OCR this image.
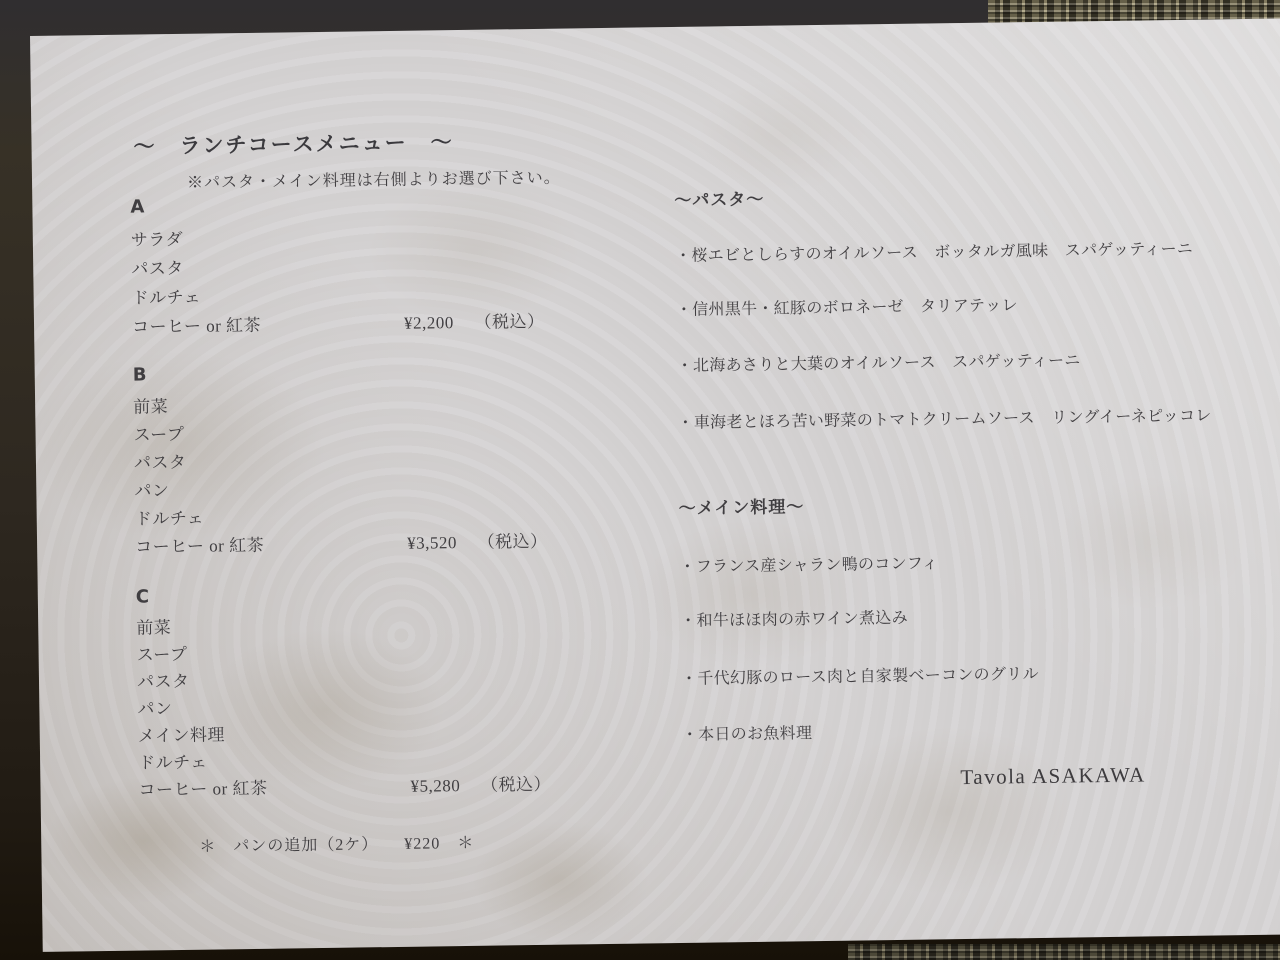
〜　ランチコースメニュー　〜
※パスタ・メイン料理は右側よりお選び下さい。
A
サラダ
パスタ
ドルチェ
コーヒー or 紅茶	¥2,200 （税込）
B
前菜
スープ
パスタ
パン
ドルチェ
コーヒー or 紅茶	¥3,520 （税込）
C
前菜
スープ
パスタ
パン
メイン料理
ドルチェ
コーヒー or 紅茶	¥5,280 （税込）
＊　パンの追加（2ケ）　　¥220　＊
〜パスタ〜
・桜エビとしらすのオイルソース　ボッタルガ風味　スパゲッティーニ
・信州黒牛・紅豚のボロネーゼ　タリアテッレ
・北海あさりと大葉のオイルソース　スパゲッティーニ
・車海老とほろ苦い野菜のトマトクリームソース　リングイーネピッコレ
〜メイン料理〜
・フランス産シャラン鴨のコンフィ
・和牛ほほ肉の赤ワイン煮込み
・千代幻豚のロース肉と自家製ベーコンのグリル
・本日のお魚料理
Tavola ASAKAWA
